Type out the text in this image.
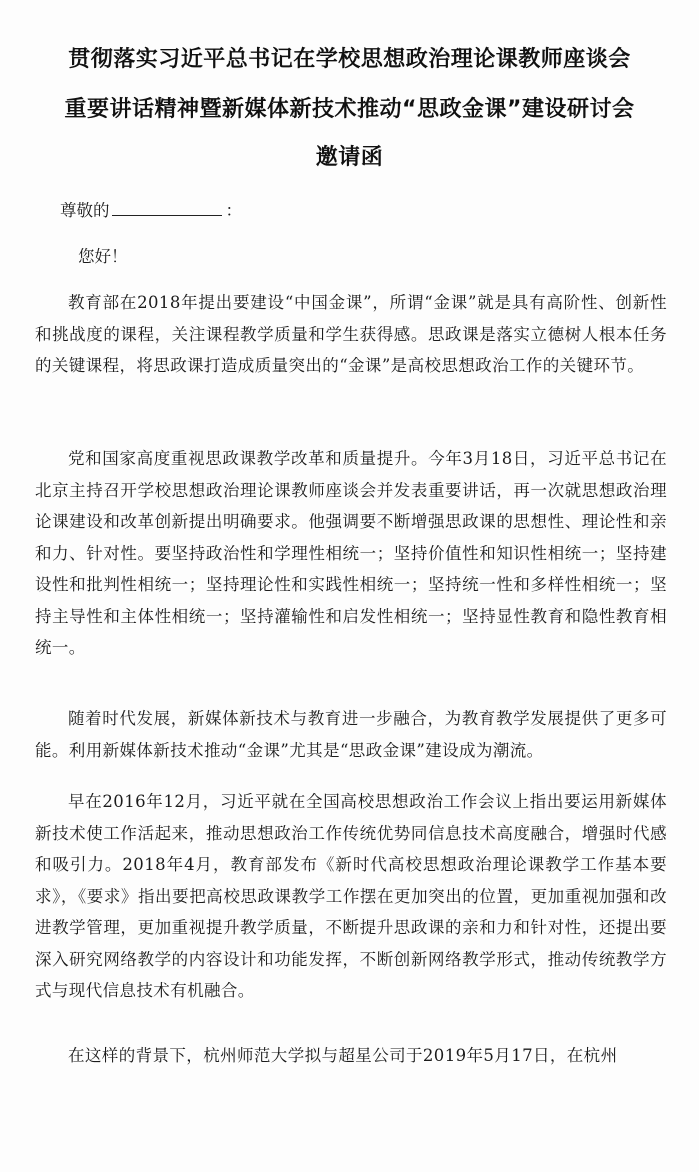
贯彻落实习近平总书记在学校思想政治理论课教师座谈会
重要讲话精神暨新媒体新技术推动“思政金课”建设研讨会
邀请函
尊敬的	：
您好！
教育部在2018年提出要建设“中国金课”，所谓“金课”就是具有高阶性、创新性和挑战度的课程，关注课程教学质量和学生获得感。思政课是落实立德树人根本任务的关键课程，将思政课打造成质量突出的“金课”是高校思想政治工作的关键环节。
党和国家高度重视思政课教学改革和质量提升。今年3月18日，习近平总书记在北京主持召开学校思想政治理论课教师座谈会并发表重要讲话，再一次就思想政治理论课建设和改革创新提出明确要求。他强调要不断增强思政课的思想性、理论性和亲和力、针对性。要坚持政治性和学理性相统一；坚持价值性和知识性相统一；坚持建设性和批判性相统一；坚持理论性和实践性相统一；坚持统一性和多样性相统一；坚持主导性和主体性相统一；坚持灌输性和启发性相统一；坚持显性教育和隐性教育相统一。
随着时代发展，新媒体新技术与教育进一步融合，为教育教学发展提供了更多可能。利用新媒体新技术推动“金课”尤其是“思政金课”建设成为潮流。
早在2016年12月，习近平就在全国高校思想政治工作会议上指出要运用新媒体新技术使工作活起来，推动思想政治工作传统优势同信息技术高度融合，增强时代感和吸引力。2018年4月，教育部发布《新时代高校思想政治理论课教学工作基本要求》，《要求》指出要把高校思政课教学工作摆在更加突出的位置，更加重视加强和改进教学管理，更加重视提升教学质量，不断提升思政课的亲和力和针对性，还提出要深入研究网络教学的内容设计和功能发挥，不断创新网络教学形式，推动传统教学方式与现代信息技术有机融合。
在这样的背景下，杭州师范大学拟与超星公司于2019年5月17日，在杭州
